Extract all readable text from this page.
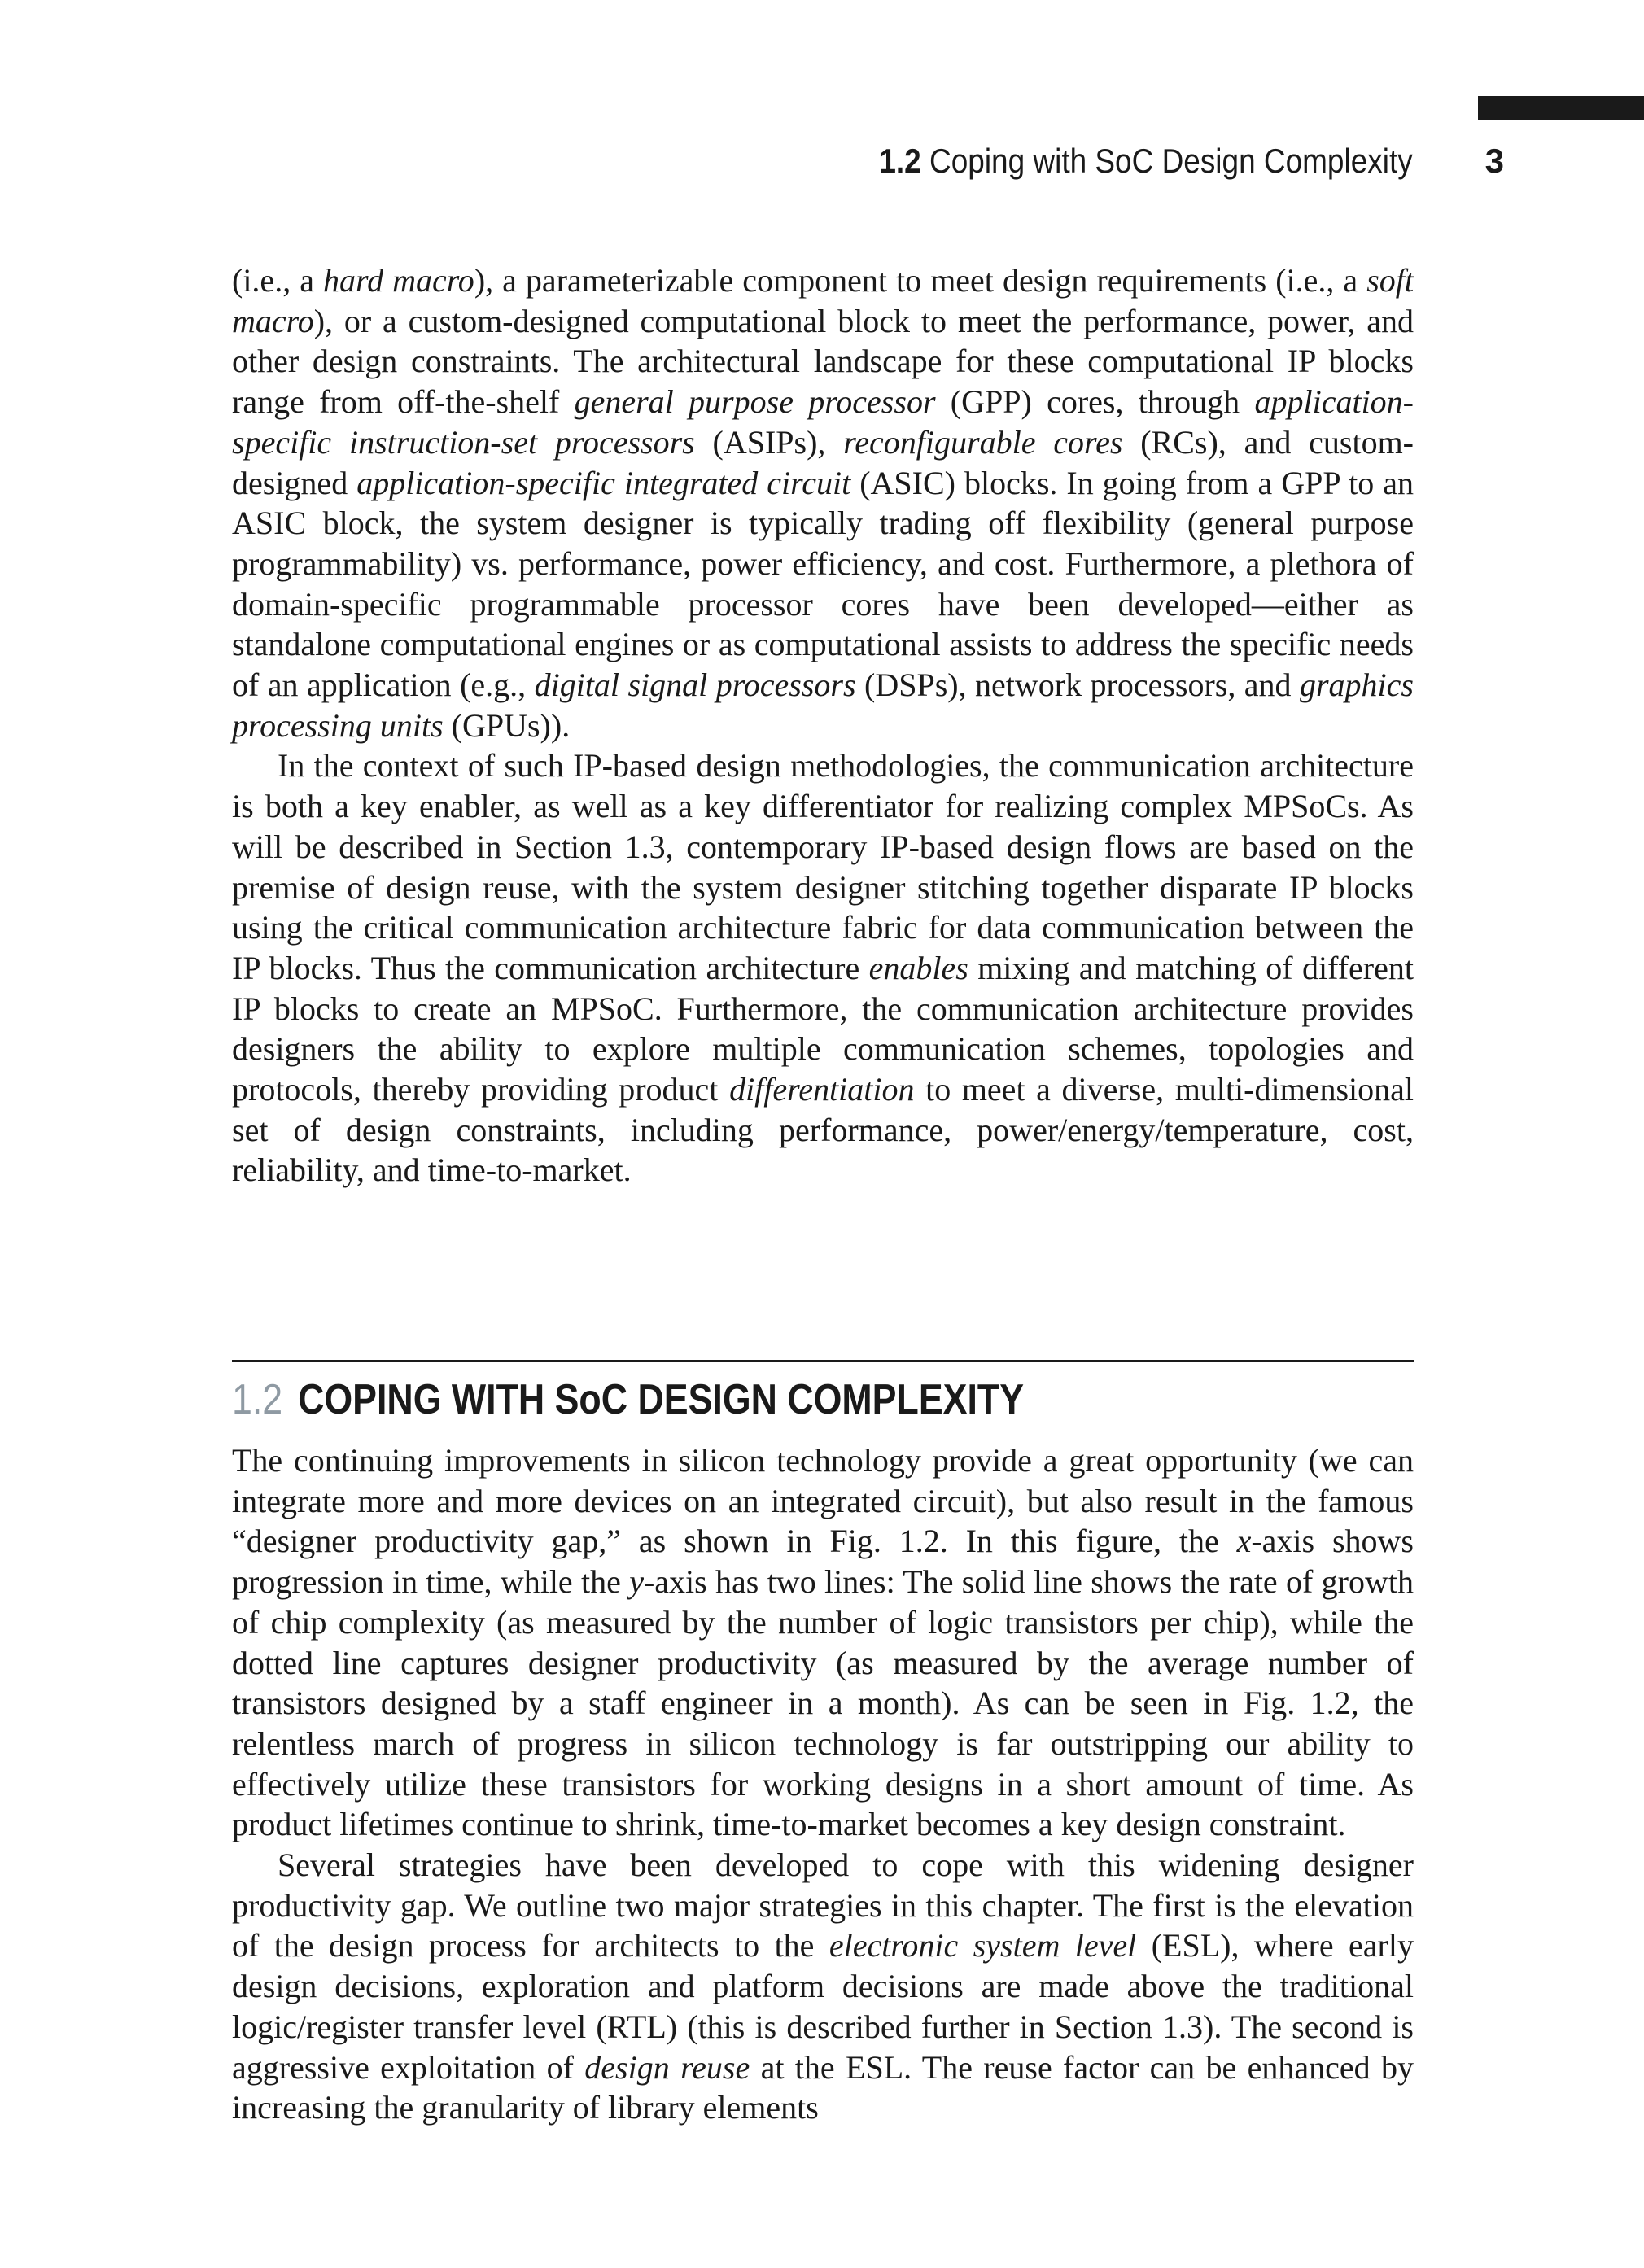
1.2 Coping with SoC Design Complexity 3

(i.e., a hard macro), a parameterizable component to meet design requirements (i.e., a soft macro), or a custom-designed computational block to meet the performance, power, and other design constraints. The architectural landscape for these computational IP blocks range from off-the-shelf general purpose processor (GPP) cores, through application-specific instruction-set processors (ASIPs), reconfigurable cores (RCs), and custom-designed application-specific integrated circuit (ASIC) blocks. In going from a GPP to an ASIC block, the system designer is typically trading off flexibility (general purpose programmability) vs. performance, power efficiency, and cost. Furthermore, a plethora of domain-specific programmable processor cores have been developed—either as standalone computational engines or as computational assists to address the specific needs of an application (e.g., digital signal processors (DSPs), network processors, and graphics processing units (GPUs)).

In the context of such IP-based design methodologies, the communication architecture is both a key enabler, as well as a key differentiator for realizing complex MPSoCs. As will be described in Section 1.3, contemporary IP-based design flows are based on the premise of design reuse, with the system designer stitching together disparate IP blocks using the critical communication architecture fabric for data communication between the IP blocks. Thus the communication architecture enables mixing and matching of different IP blocks to create an MPSoC. Furthermore, the communication architecture provides designers the ability to explore multiple communication schemes, topologies and protocols, thereby providing product differentiation to meet a diverse, multi-dimensional set of design constraints, including performance, power/energy/temperature, cost, reliability, and time-to-market.

1.2 COPING WITH SoC DESIGN COMPLEXITY

The continuing improvements in silicon technology provide a great opportunity (we can integrate more and more devices on an integrated circuit), but also result in the famous “designer productivity gap,” as shown in Fig. 1.2. In this figure, the x-axis shows progression in time, while the y-axis has two lines: The solid line shows the rate of growth of chip complexity (as measured by the number of logic transistors per chip), while the dotted line captures designer productivity (as measured by the average number of transistors designed by a staff engineer in a month). As can be seen in Fig. 1.2, the relentless march of progress in silicon technology is far outstripping our ability to effectively utilize these transistors for working designs in a short amount of time. As product lifetimes continue to shrink, time-to-market becomes a key design constraint.

Several strategies have been developed to cope with this widening designer productivity gap. We outline two major strategies in this chapter. The first is the elevation of the design process for architects to the electronic system level (ESL), where early design decisions, exploration and platform decisions are made above the traditional logic/register transfer level (RTL) (this is described further in Section 1.3). The second is aggressive exploitation of design reuse at the ESL. The reuse factor can be enhanced by increasing the granularity of library elements
